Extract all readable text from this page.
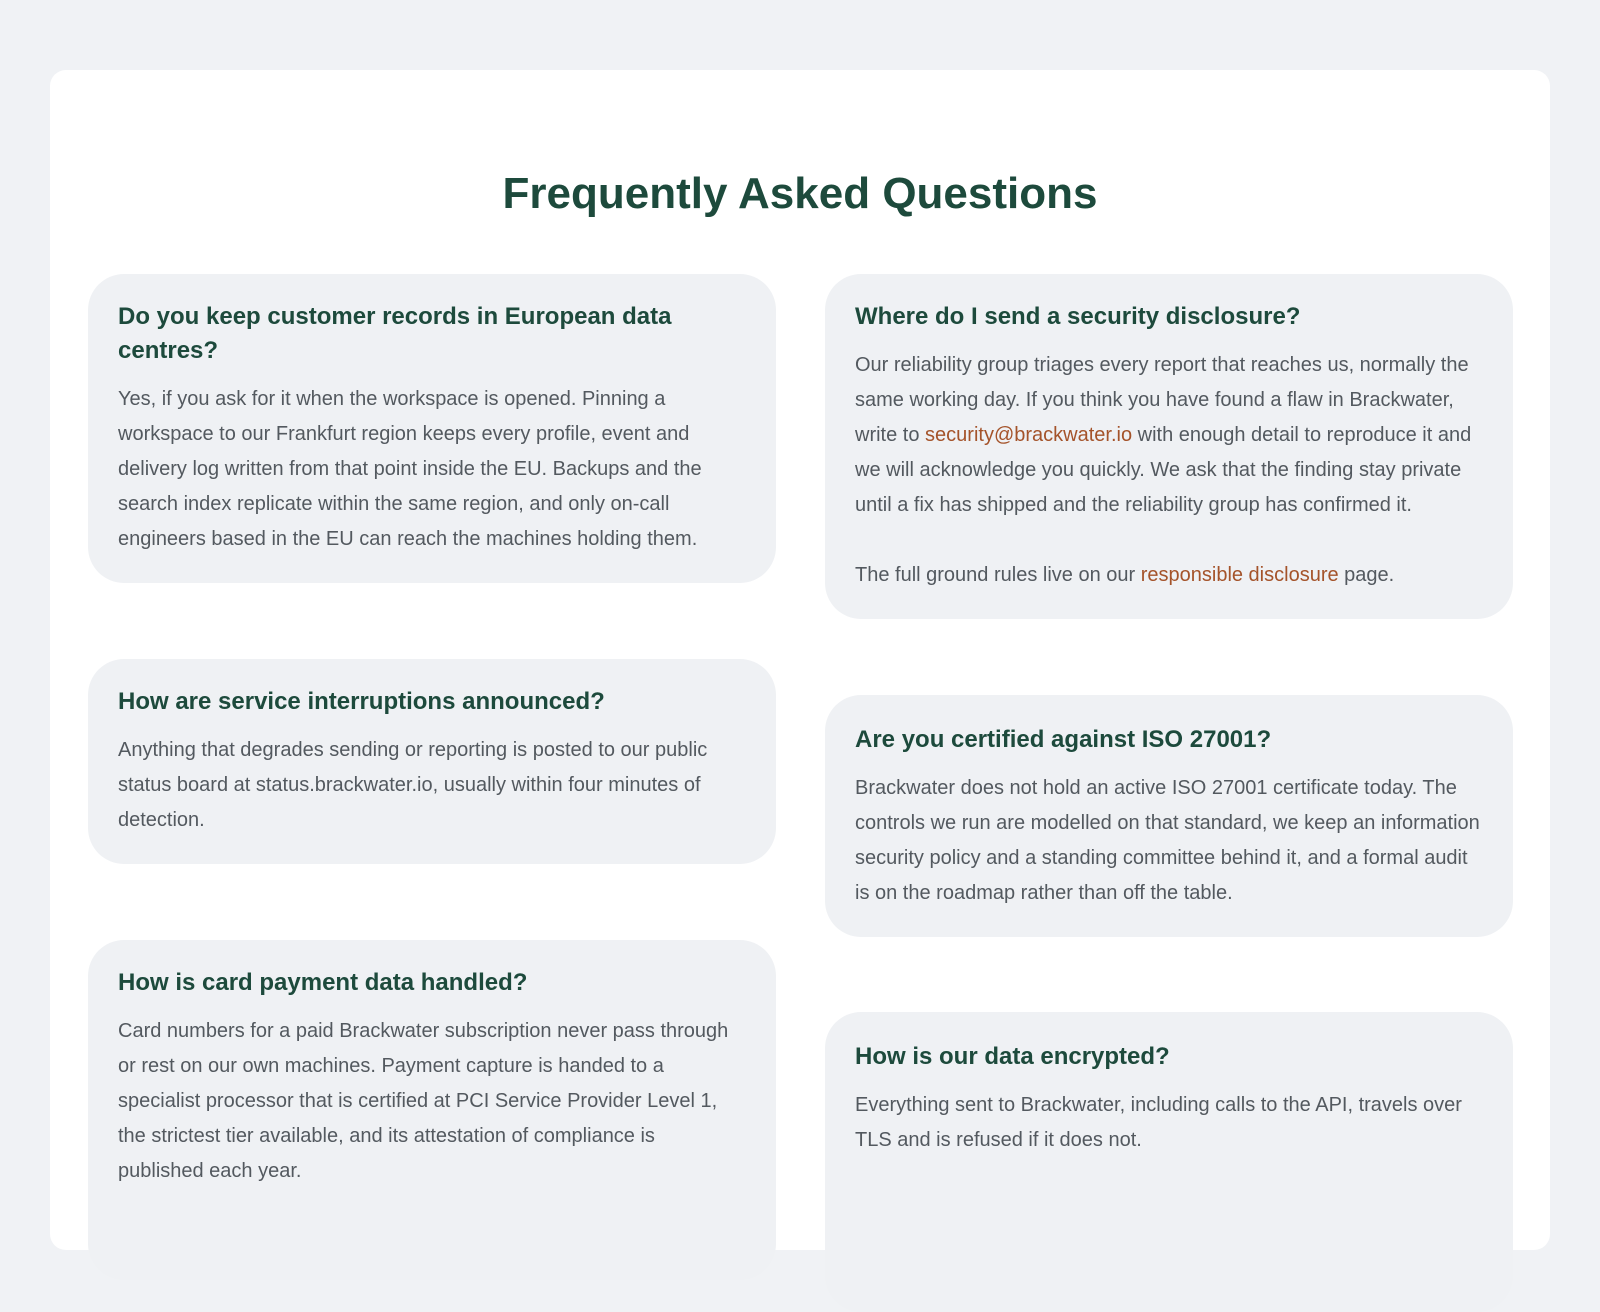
Frequently Asked Questions
Do you keep customer records in European data centres?

Yes, if you ask for it when the workspace is opened. Pinning a workspace to our Frankfurt region keeps every profile, event and delivery log written from that point inside the EU. Backups and the search index replicate within the same region, and only on-call engineers based in the EU can reach the machines holding them.

How are service interruptions announced?

Anything that degrades sending or reporting is posted to our public status board at status.brackwater.io, usually within four minutes of detection.

How is card payment data handled?

Card numbers for a paid Brackwater subscription never pass through or rest on our own machines. Payment capture is handed to a specialist processor that is certified at PCI Service Provider Level 1, the strictest tier available, and its attestation of compliance is published each year.

Where do I send a security disclosure?

Our reliability group triages every report that reaches us, normally the same working day. If you think you have found a flaw in Brackwater, write to security@brackwater.io with enough detail to reproduce it and we will acknowledge you quickly. We ask that the finding stay private until a fix has shipped and the reliability group has confirmed it.

The full ground rules live on our responsible disclosure page.

Are you certified against ISO 27001?

Brackwater does not hold an active ISO 27001 certificate today. The controls we run are modelled on that standard, we keep an information security policy and a standing committee behind it, and a formal audit is on the roadmap rather than off the table.

How is our data encrypted?

Everything sent to Brackwater, including calls to the API, travels over TLS and is refused if it does not.
